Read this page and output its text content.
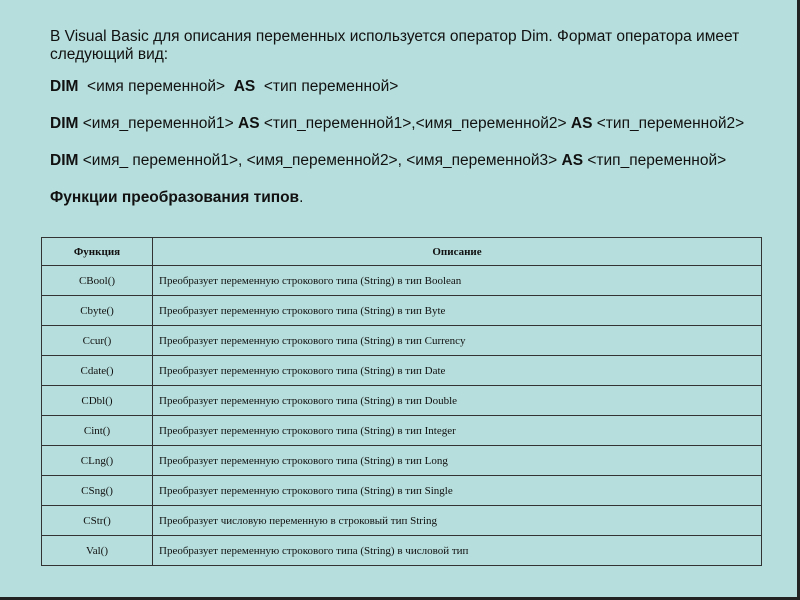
В Visual Basic для описания переменных используется оператор Dim. Формат оператора имеет следующий вид:

DIM  <имя переменной>  AS  <тип переменной>

DIM <имя_переменной1> AS <тип_переменной1>,<имя_переменной2> AS <тип_переменной2>

DIM <имя_ переменной1>, <имя_переменной2>, <имя_переменной3> AS <тип_переменной>

Функции преобразования типов.

Функция	Описание
CBool()	Преобразует переменную строкового типа (String) в тип Boolean
Cbyte()	Преобразует переменную строкового типа (String) в тип Byte
Ccur()	Преобразует переменную строкового типа (String) в тип Currency
Cdate()	Преобразует переменную строкового типа (String) в тип Date
CDbl()	Преобразует переменную строкового типа (String) в тип Double
Cint()	Преобразует переменную строкового типа (String) в тип Integer
CLng()	Преобразует переменную строкового типа (String) в тип Long
CSng()	Преобразует переменную строкового типа (String) в тип Single
CStr()	Преобразует числовую переменную в строковый тип String
Val()	Преобразует переменную строкового типа (String) в числовой тип
